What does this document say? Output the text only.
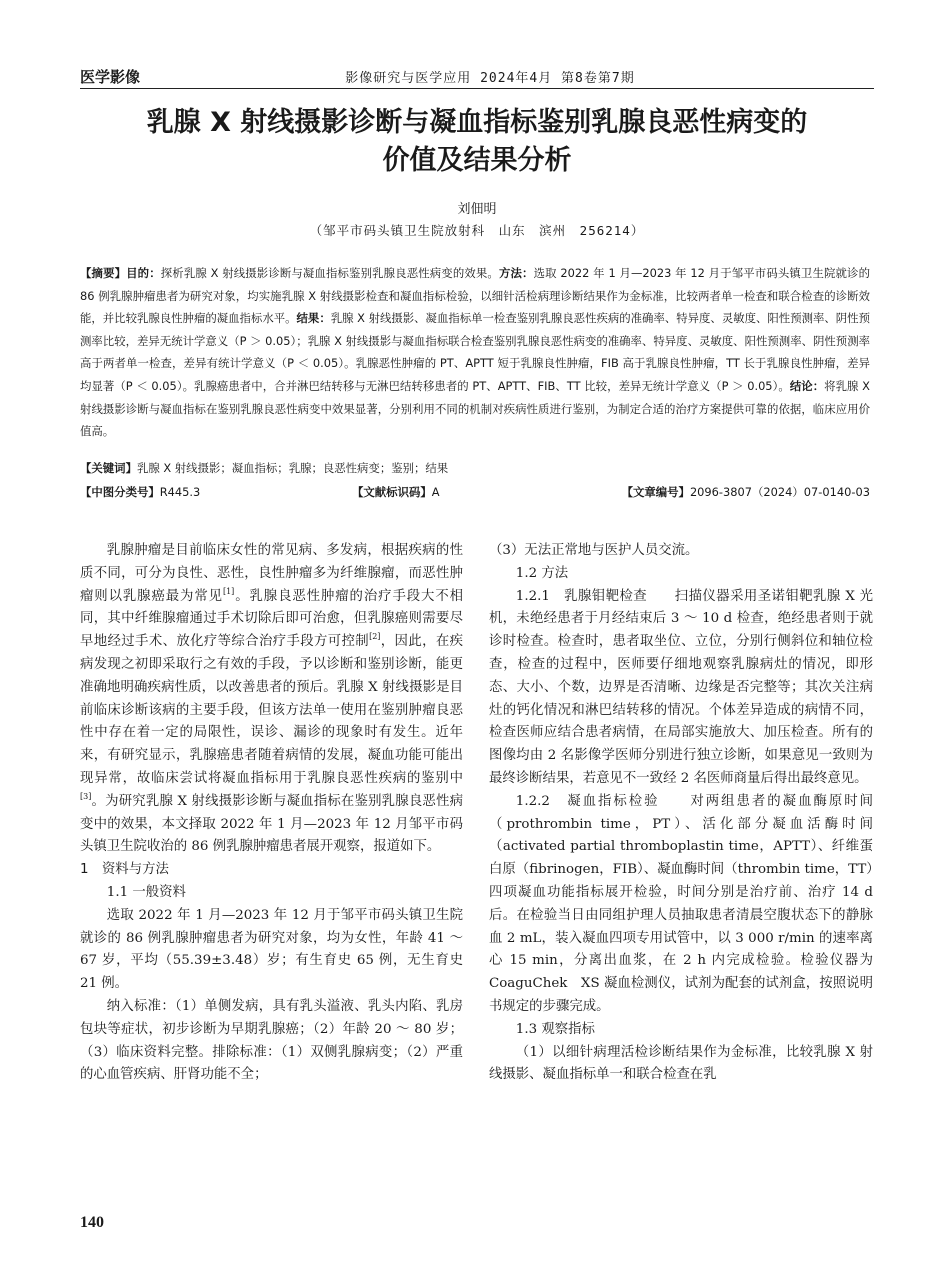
医学影像	影像研究与医学应用 2024年4月 第8卷第7期
乳腺 X 射线摄影诊断与凝血指标鉴别乳腺良恶性病变的
价值及结果分析
刘佃明
（邹平市码头镇卫生院放射科　山东　滨州　256214）
【摘要】目的：探析乳腺 X 射线摄影诊断与凝血指标鉴别乳腺良恶性病变的效果。方法：选取 2022 年 1 月—2023 年 12 月于邹平市码头镇卫生院就诊的 86 例乳腺肿瘤患者为研究对象，均实施乳腺 X 射线摄影检查和凝血指标检验，以细针活检病理诊断结果作为金标准，比较两者单一检查和联合检查的诊断效能，并比较乳腺良性肿瘤的凝血指标水平。结果：乳腺 X 射线摄影、凝血指标单一检查鉴别乳腺良恶性疾病的准确率、特异度、灵敏度、阳性预测率、阴性预测率比较，差异无统计学意义（P ＞ 0.05）；乳腺 X 射线摄影与凝血指标联合检查鉴别乳腺良恶性病变的准确率、特异度、灵敏度、阳性预测率、阴性预测率高于两者单一检查，差异有统计学意义（P ＜ 0.05）。乳腺恶性肿瘤的 PT、APTT 短于乳腺良性肿瘤，FIB 高于乳腺良性肿瘤，TT 长于乳腺良性肿瘤，差异均显著（P ＜ 0.05）。乳腺癌患者中，合并淋巴结转移与无淋巴结转移患者的 PT、APTT、FIB、TT 比较，差异无统计学意义（P ＞ 0.05）。结论：将乳腺 X 射线摄影诊断与凝血指标在鉴别乳腺良恶性病变中效果显著，分别利用不同的机制对疾病性质进行鉴别，为制定合适的治疗方案提供可靠的依据，临床应用价值高。
【关键词】乳腺 X 射线摄影；凝血指标；乳腺；良恶性病变；鉴别；结果
【中图分类号】R445.3	【文献标识码】A	【文章编号】2096-3807（2024）07-0140-03

乳腺肿瘤是目前临床女性的常见病、多发病，根据疾病的性质不同，可分为良性、恶性，良性肿瘤多为纤维腺瘤，而恶性肿瘤则以乳腺癌最为常见[1]。乳腺良恶性肿瘤的治疗手段大不相同，其中纤维腺瘤通过手术切除后即可治愈，但乳腺癌则需要尽早地经过手术、放化疗等综合治疗手段方可控制[2]，因此，在疾病发现之初即采取行之有效的手段，予以诊断和鉴别诊断，能更准确地明确疾病性质，以改善患者的预后。乳腺 X 射线摄影是目前临床诊断该病的主要手段，但该方法单一使用在鉴别肿瘤良恶性中存在着一定的局限性，误诊、漏诊的现象时有发生。近年来，有研究显示，乳腺癌患者随着病情的发展，凝血功能可能出现异常，故临床尝试将凝血指标用于乳腺良恶性疾病的鉴别中[3]。为研究乳腺 X 射线摄影诊断与凝血指标在鉴别乳腺良恶性病变中的效果，本文择取 2022 年 1 月—2023 年 12 月邹平市码头镇卫生院收治的 86 例乳腺肿瘤患者展开观察，报道如下。

1　资料与方法

1.1 一般资料

选取 2022 年 1 月—2023 年 12 月于邹平市码头镇卫生院就诊的 86 例乳腺肿瘤患者为研究对象，均为女性，年龄 41 ～ 67 岁，平均（55.39±3.48）岁；有生育史 65 例，无生育史 21 例。

纳入标准：（1）单侧发病，具有乳头溢液、乳头内陷、乳房包块等症状，初步诊断为早期乳腺癌；（2）年龄 20 ～ 80 岁；（3）临床资料完整。排除标准：（1）双侧乳腺病变；（2）严重的心血管疾病、肝肾功能不全；

（3）无法正常地与医护人员交流。

1.2 方法

1.2.1　乳腺钼靶检查　　 扫描仪器采用圣诺钼靶乳腺 X 光机，未绝经患者于月经结束后 3 ～ 10 d 检查，绝经患者则于就诊时检查。检查时，患者取坐位、立位，分别行侧斜位和轴位检查，检查的过程中，医师要仔细地观察乳腺病灶的情况，即形态、大小、个数，边界是否清晰、边缘是否完整等；其次关注病灶的钙化情况和淋巴结转移的情况。个体差异造成的病情不同，检查医师应结合患者病情，在局部实施放大、加压检查。所有的图像均由 2 名影像学医师分别进行独立诊断，如果意见一致则为最终诊断结果，若意见不一致经 2 名医师商量后得出最终意见。

1.2.2　凝血指标检验　　 对两组患者的凝血酶原时间（prothrombin time，PT）、活化部分凝血活酶时间（activated partial thromboplastin time，APTT）、纤维蛋白原（fibrinogen，FIB）、凝血酶时间（thrombin time，TT）四项凝血功能指标展开检验，时间分别是治疗前、治疗 14 d 后。在检验当日由同组护理人员抽取患者清晨空腹状态下的静脉血 2 mL，装入凝血四项专用试管中，以 3 000 r/min 的速率离心 15 min，分离出血浆，在 2 h 内完成检验。检验仪器为 CoaguChek　XS 凝血检测仪，试剂为配套的试剂盒，按照说明书规定的步骤完成。

1.3 观察指标

（1）以细针病理活检诊断结果作为金标准，比较乳腺 X 射线摄影、凝血指标单一和联合检查在乳

140
